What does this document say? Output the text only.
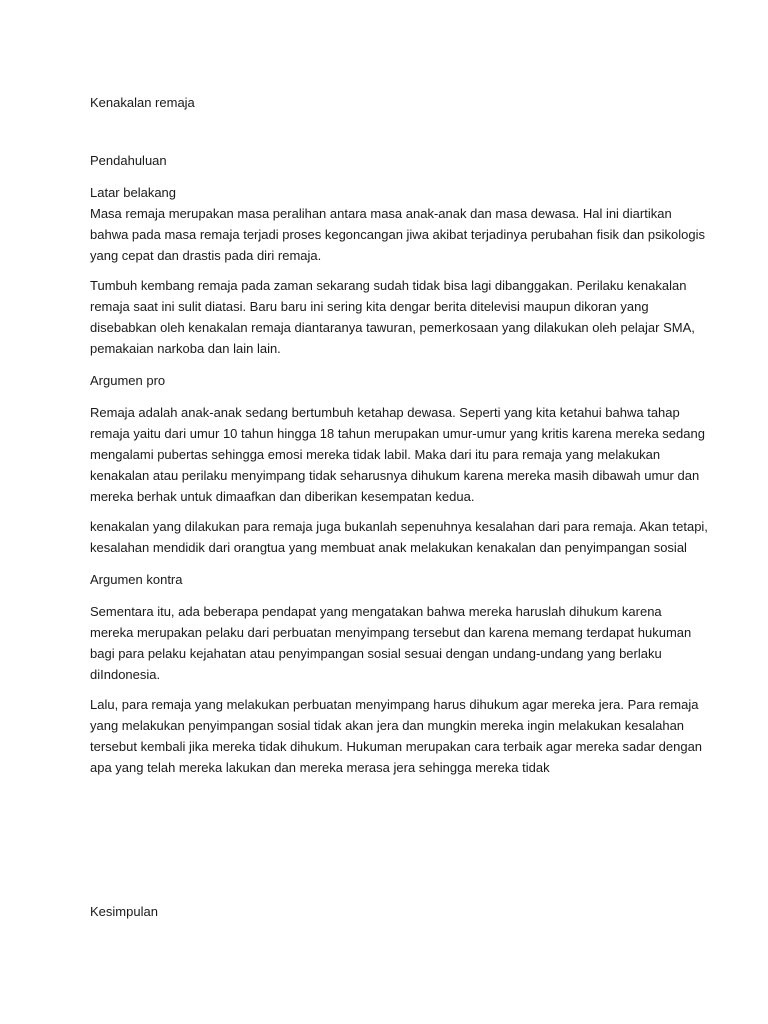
Kenakalan remaja

Pendahuluan

Latar belakang

Masa remaja merupakan masa peralihan antara masa anak-anak dan masa dewasa. Hal ini diartikan bahwa pada masa remaja terjadi proses kegoncangan jiwa akibat terjadinya perubahan fisik dan psikologis yang cepat dan drastis pada diri remaja.

Tumbuh kembang remaja pada zaman sekarang sudah tidak bisa lagi dibanggakan. Perilaku kenakalan remaja saat ini sulit diatasi. Baru baru ini sering kita dengar berita ditelevisi maupun dikoran yang disebabkan oleh kenakalan remaja diantaranya tawuran, pemerkosaan yang dilakukan oleh pelajar SMA, pemakaian narkoba dan lain lain.

Argumen pro

Remaja adalah anak-anak sedang bertumbuh ketahap dewasa. Seperti yang kita ketahui bahwa tahap remaja yaitu dari umur 10 tahun hingga 18 tahun merupakan umur-umur yang kritis karena mereka sedang mengalami pubertas sehingga emosi mereka tidak labil. Maka dari itu para remaja yang melakukan kenakalan atau perilaku menyimpang tidak seharusnya dihukum karena mereka masih dibawah umur dan mereka berhak untuk dimaafkan dan diberikan kesempatan kedua.

kenakalan yang dilakukan para remaja juga bukanlah sepenuhnya kesalahan dari para remaja. Akan tetapi, kesalahan mendidik dari orangtua yang membuat anak melakukan kenakalan dan penyimpangan sosial

Argumen kontra

Sementara itu, ada beberapa pendapat yang mengatakan bahwa mereka haruslah dihukum karena mereka merupakan pelaku dari perbuatan menyimpang tersebut dan karena memang terdapat hukuman bagi para pelaku kejahatan atau penyimpangan sosial sesuai dengan undang-undang yang berlaku diIndonesia.

Lalu, para remaja yang melakukan perbuatan menyimpang harus dihukum agar mereka jera. Para remaja yang melakukan penyimpangan sosial tidak akan jera dan mungkin mereka ingin melakukan kesalahan tersebut kembali jika mereka tidak dihukum. Hukuman merupakan cara terbaik agar mereka sadar dengan apa yang telah mereka lakukan dan mereka merasa jera sehingga mereka tidak

Kesimpulan
